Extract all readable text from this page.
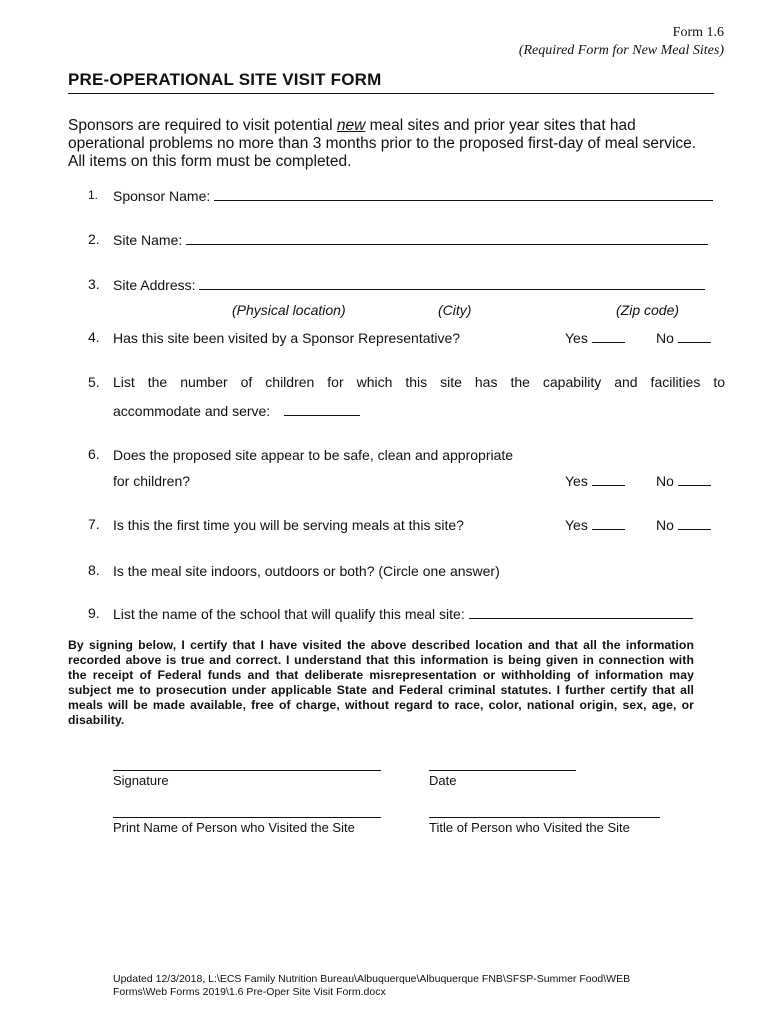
Form 1.6
(Required Form for New Meal Sites)
PRE-OPERATIONAL SITE VISIT FORM
Sponsors are required to visit potential new meal sites and prior year sites that had operational problems no more than 3 months prior to the proposed first-day of meal service. All items on this form must be completed.
1. Sponsor Name:
2. Site Name:
3. Site Address:
(Physical location)	(City)	(Zip code)
4. Has this site been visited by a Sponsor Representative?	Yes	No
5. List the number of children for which this site has the capability and facilities to
accommodate and serve:
6. Does the proposed site appear to be safe, clean and appropriate
for children?	Yes	No
7. Is this the first time you will be serving meals at this site?	Yes	No
8. Is the meal site indoors, outdoors or both? (Circle one answer)
9. List the name of the school that will qualify this meal site:
By signing below, I certify that I have visited the above described location and that all the information recorded above is true and correct. I understand that this information is being given in connection with the receipt of Federal funds and that deliberate misrepresentation or withholding of information may subject me to prosecution under applicable State and Federal criminal statutes. I further certify that all meals will be made available, free of charge, without regard to race, color, national origin, sex, age, or disability.
Signature	Date
Print Name of Person who Visited the Site	Title of Person who Visited the Site
Updated 12/3/2018, L:\ECS Family Nutrition Bureau\Albuquerque\Albuquerque FNB\SFSP-Summer Food\WEB
Forms\Web Forms 2019\1.6 Pre-Oper Site Visit Form.docx
